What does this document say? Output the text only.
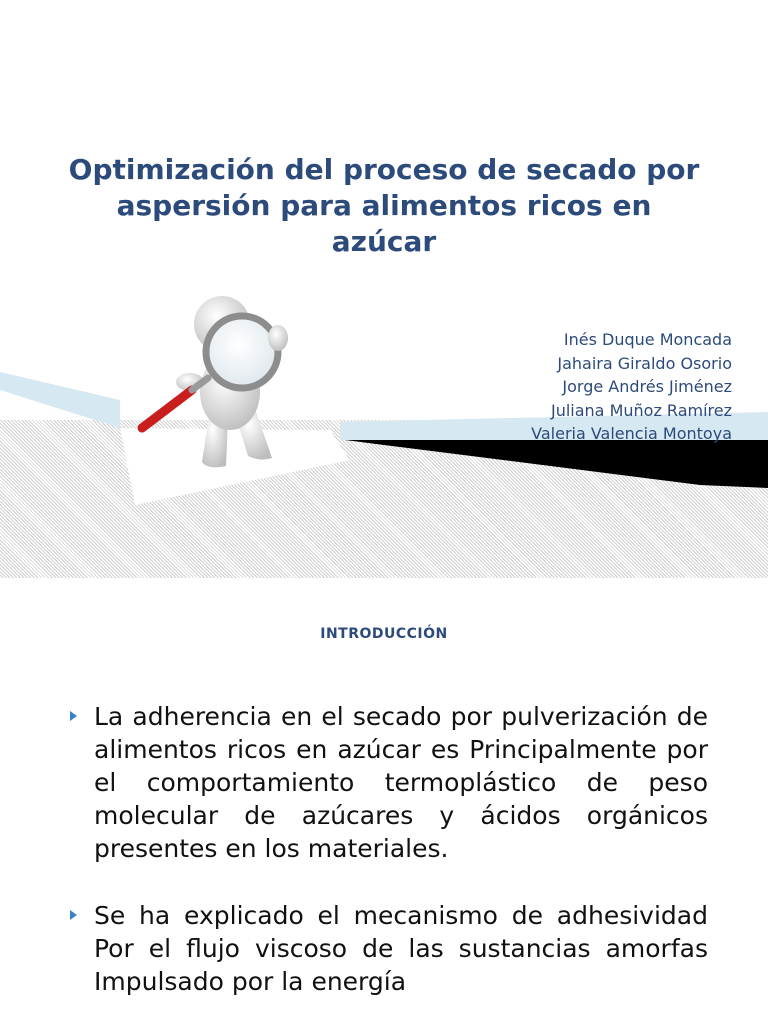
Optimización del proceso de secado por aspersión para alimentos ricos en azúcar
Inés Duque Moncada
Jahaira Giraldo Osorio
Jorge Andrés Jiménez
Juliana Muñoz Ramírez
Valeria Valencia Montoya
INTRODUCCIÓN
La adherencia en el secado por pulverización de alimentos ricos en azúcar es Principalmente por el comportamiento termoplástico de peso molecular de azúcares y ácidos orgánicos presentes en los materiales.
Se ha explicado el mecanismo de adhesividad Por el flujo viscoso de las sustancias amorfas Impulsado por la energía
